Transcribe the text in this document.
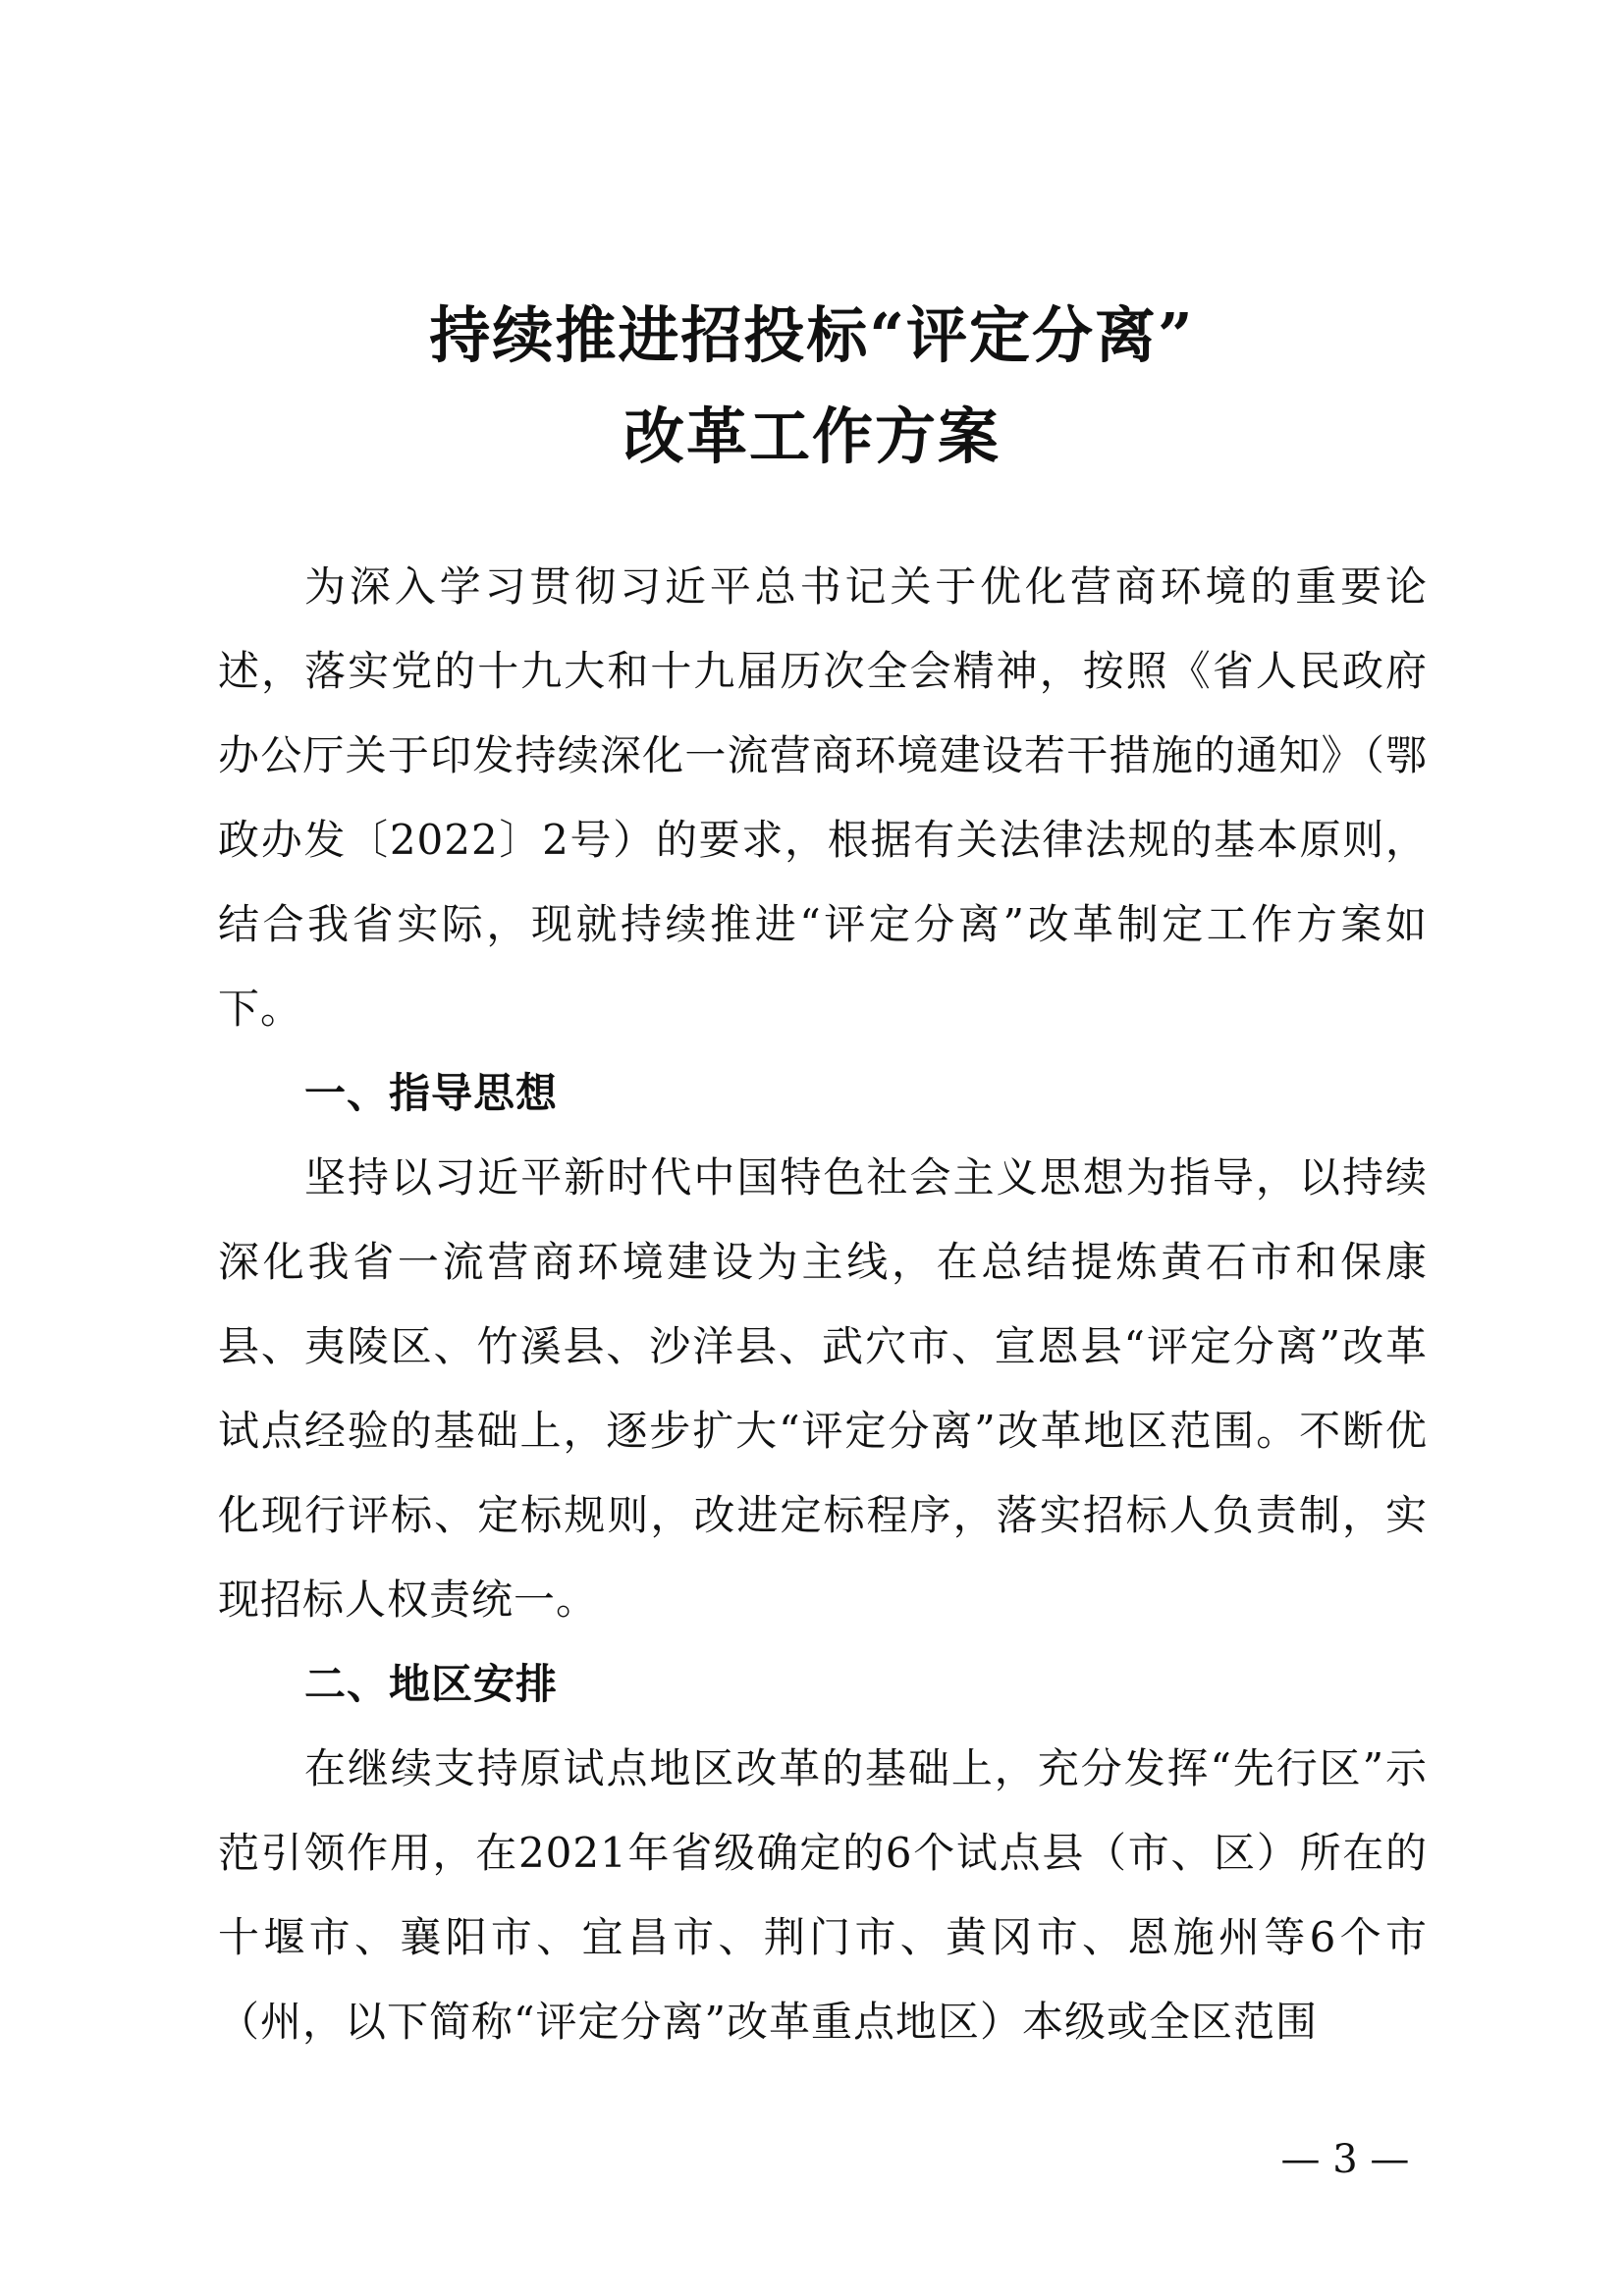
持续推进招投标“评定分离”
改革工作方案

为深入学习贯彻习近平总书记关于优化营商环境的重要论述，落实党的十九大和十九届历次全会精神，按照《省人民政府办公厅关于印发持续深化一流营商环境建设若干措施的通知》（鄂政办发〔2022〕2号）的要求，根据有关法律法规的基本原则，结合我省实际，现就持续推进“评定分离”改革制定工作方案如下。

一、指导思想

坚持以习近平新时代中国特色社会主义思想为指导，以持续深化我省一流营商环境建设为主线，在总结提炼黄石市和保康县、夷陵区、竹溪县、沙洋县、武穴市、宣恩县“评定分离”改革试点经验的基础上，逐步扩大“评定分离”改革地区范围。不断优化现行评标、定标规则，改进定标程序，落实招标人负责制，实现招标人权责统一。

二、地区安排

在继续支持原试点地区改革的基础上，充分发挥“先行区”示范引领作用，在2021年省级确定的6个试点县（市、区）所在的十堰市、襄阳市、宜昌市、荆门市、黄冈市、恩施州等6个市（州，以下简称“评定分离”改革重点地区）本级或全区范围

— 3 —
